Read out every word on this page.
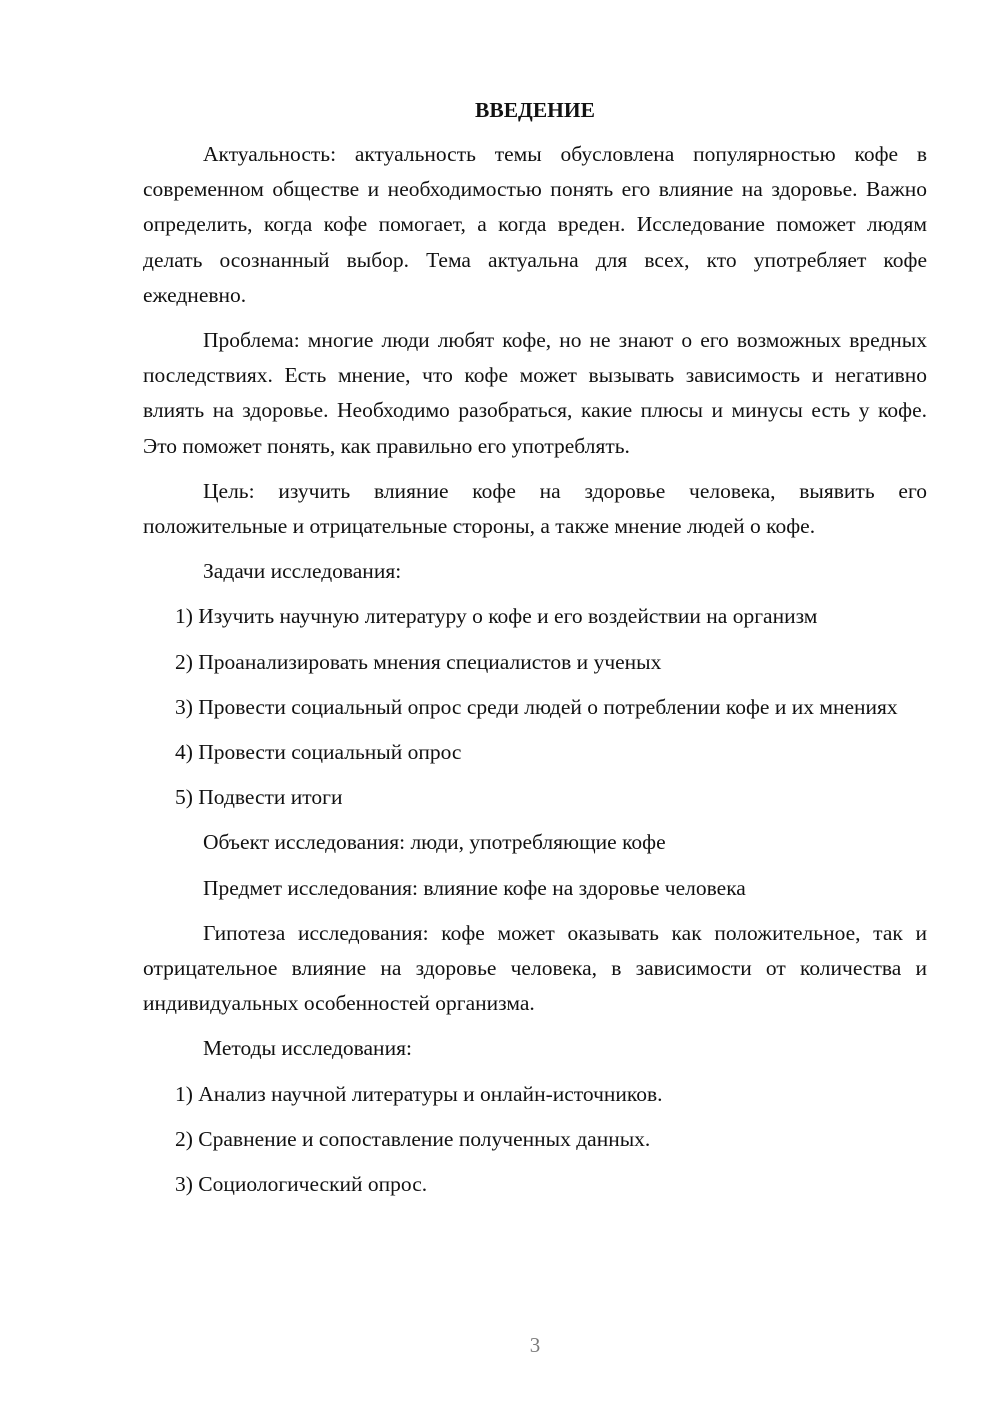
ВВЕДЕНИЕ

Актуальность: актуальность темы обусловлена популярностью кофе в современном обществе и необходимостью понять его влияние на здоровье. Важно определить, когда кофе помогает, а когда вреден. Исследование поможет людям делать осознанный выбор. Тема актуальна для всех, кто употребляет кофе ежедневно.

Проблема: многие люди любят кофе, но не знают о его возможных вредных последствиях. Есть мнение, что кофе может вызывать зависимость и негативно влиять на здоровье. Необходимо разобраться, какие плюсы и минусы есть у кофе. Это поможет понять, как правильно его употреблять.

Цель: изучить влияние кофе на здоровье человека, выявить его положительные и отрицательные стороны, а также мнение людей о кофе.

Задачи исследования:

1) Изучить научную литературу о кофе и его воздействии на организм

2) Проанализировать мнения специалистов и ученых

3) Провести социальный опрос среди людей о потреблении кофе и их мнениях

4) Провести социальный опрос

5) Подвести итоги

Объект исследования: люди, употребляющие кофе

Предмет исследования: влияние кофе на здоровье человека

Гипотеза исследования: кофе может оказывать как положительное, так и отрицательное влияние на здоровье человека, в зависимости от количества и индивидуальных особенностей организма.

Методы исследования:

1) Анализ научной литературы и онлайн-источников.

2) Сравнение и сопоставление полученных данных.

3) Социологический опрос.

3
